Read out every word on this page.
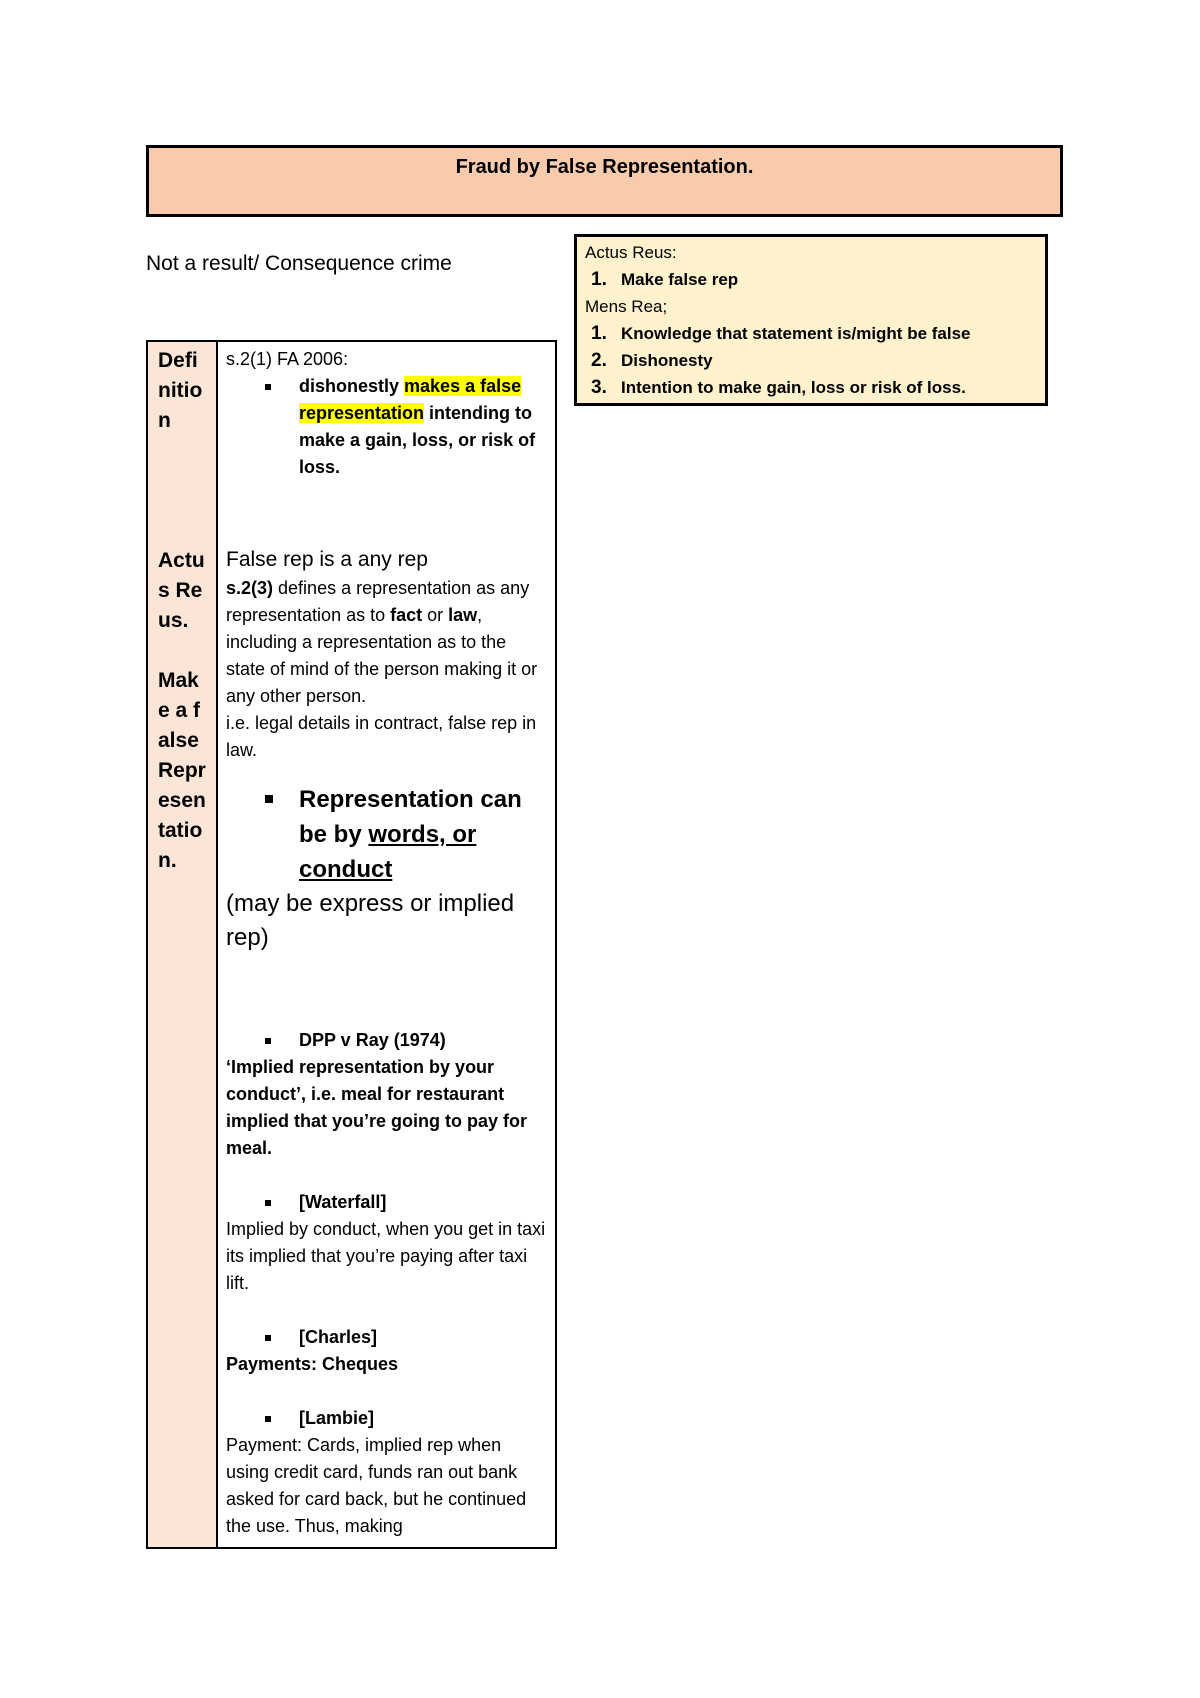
Fraud by False Representation.
Not a result/ Consequence crime	Actus Reus:
1. Make false rep
Mens Rea;
1. Knowledge that statement is/might be false
2. Dishonesty
3. Intention to make gain, loss or risk of loss.
Definition
Actus Reus.
Make a false Representation.
s.2(1) FA 2006:
dishonestly makes a false representation intending to make a gain, loss, or risk of loss.
False rep is a any rep
s.2(3) defines a representation as any representation as to fact or law, including a representation as to the state of mind of the person making it or any other person.
i.e. legal details in contract, false rep in law.
Representation can be by words, or conduct
(may be express or implied rep)
DPP v Ray (1974)
‘Implied representation by your conduct’, i.e. meal for restaurant implied that you’re going to pay for meal.
[Waterfall]
Implied by conduct, when you get in taxi its implied that you’re paying after taxi lift.
[Charles]
Payments: Cheques
[Lambie]
Payment: Cards, implied rep when using credit card, funds ran out bank asked for card back, but he continued the use. Thus, making
